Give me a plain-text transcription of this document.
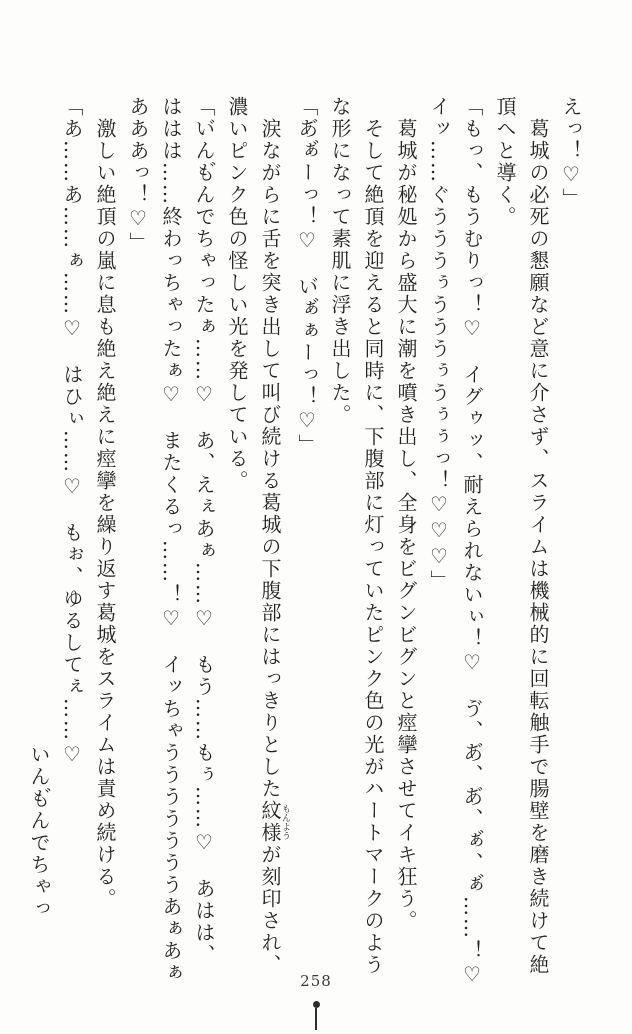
えっ！♡」
葛城の必死の懇願など意に介さず、スライムは機械的に回転触手で腸壁を磨き続けて絶
頂へと導く。
「もっ、もうむりっ！♡　イグゥッ、耐えられないぃ！♡　ゔ、あ゙、あ゙、ぁ゙、ぁ゙……！♡
イッ……ぐうううぅうううぅうぅぅっ！♡♡♡」
葛城が秘処から盛大に潮を噴き出し、全身をビグンビグンと痙攣させてイキ狂う。
そして絶頂を迎えると同時に、下腹部に灯っていたピンク色の光がハートマークのよう
な形になって素肌に浮き出した。
「あ゙ぁ゙ーっ！♡　い゙ぁ゙ぁーっ！♡」
涙ながらに舌を突き出して叫び続ける葛城の下腹部にはっきりとした紋様もんようが刻印され、
濃いピンク色の怪しい光を発している。
「い゙んも゙んでちゃったぁ……♡　あ、えぇあぁ……♡　もう……もぅ……♡　あはは、
ははは……終わっちゃったぁ♡　またくるっ……！♡　イッちゃうううううううあぁあぁ
あああっ！♡」
激しい絶頂の嵐に息も絶え絶えに痙攣を繰り返す葛城をスライムは責め続ける。
「あ……あ……ぁ……♡　はひぃ……♡　もぉ、ゆるしてぇ……♡
いんも゙んでちゃっ
258
